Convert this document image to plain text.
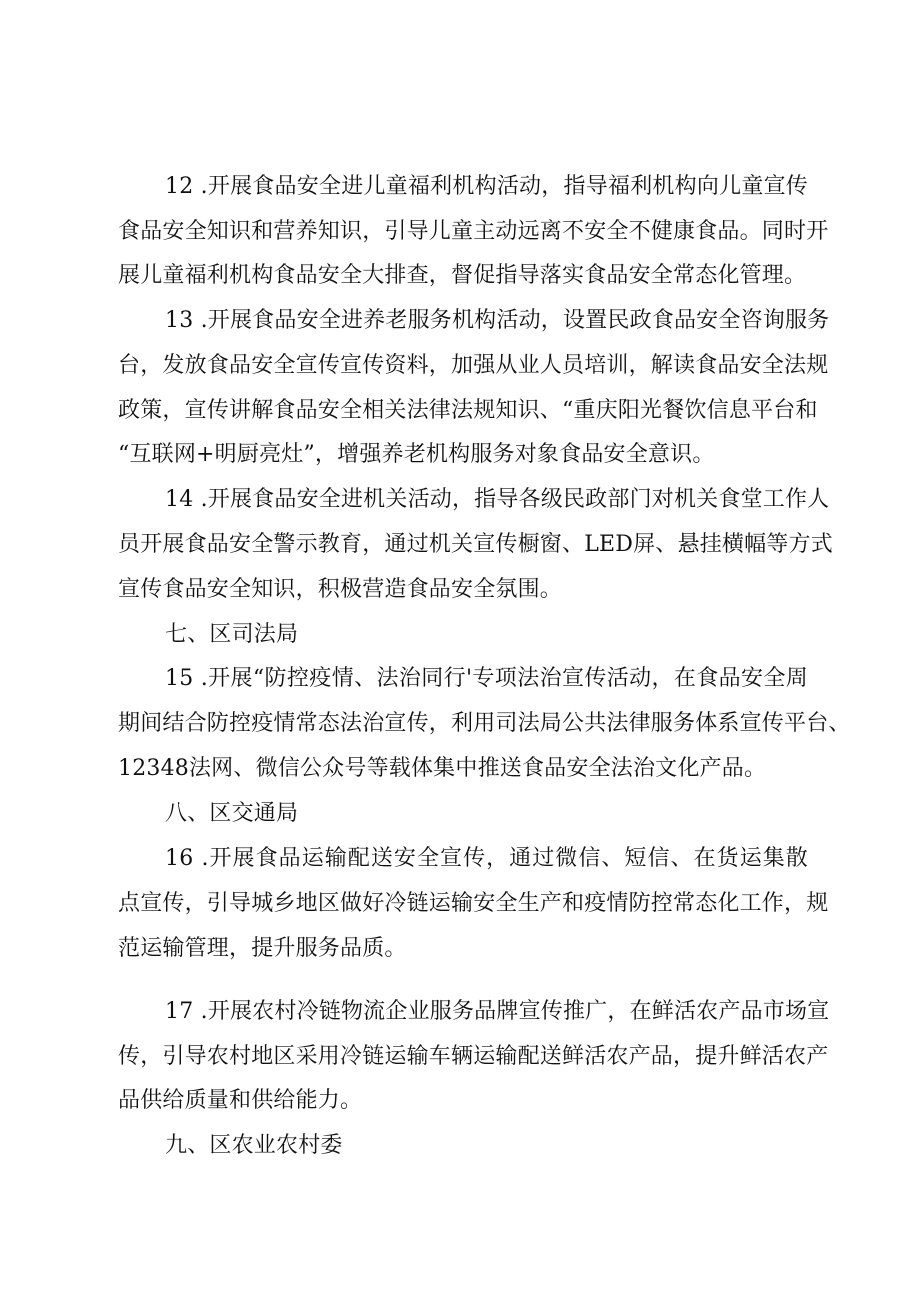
12 .开展食品安全进儿童福利机构活动，指导福利机构向儿童宣传
食品安全知识和营养知识，引导儿童主动远离不安全不健康食品。同时开
展儿童福利机构食品安全大排查，督促指导落实食品安全常态化管理。
13 .开展食品安全进养老服务机构活动，设置民政食品安全咨询服务
台，发放食品安全宣传宣传资料，加强从业人员培训，解读食品安全法规
政策，宣传讲解食品安全相关法律法规知识、“重庆阳光餐饮信息平台和
“互联网+明厨亮灶”，增强养老机构服务对象食品安全意识。
14 .开展食品安全进机关活动，指导各级民政部门对机关食堂工作人
员开展食品安全警示教育，通过机关宣传橱窗、LED屏、悬挂横幅等方式
宣传食品安全知识，积极营造食品安全氛围。
七、区司法局
15 .开展“防控疫情、法治同行'专项法治宣传活动，在食品安全周
期间结合防控疫情常态法治宣传，利用司法局公共法律服务体系宣传平台、
12348法网、微信公众号等载体集中推送食品安全法治文化产品。
八、区交通局
16 .开展食品运输配送安全宣传，通过微信、短信、在货运集散
点宣传，引导城乡地区做好冷链运输安全生产和疫情防控常态化工作，规
范运输管理，提升服务品质。
17 .开展农村冷链物流企业服务品牌宣传推广，在鲜活农产品市场宣
传，引导农村地区采用冷链运输车辆运输配送鲜活农产品，提升鲜活农产
品供给质量和供给能力。
九、区农业农村委
